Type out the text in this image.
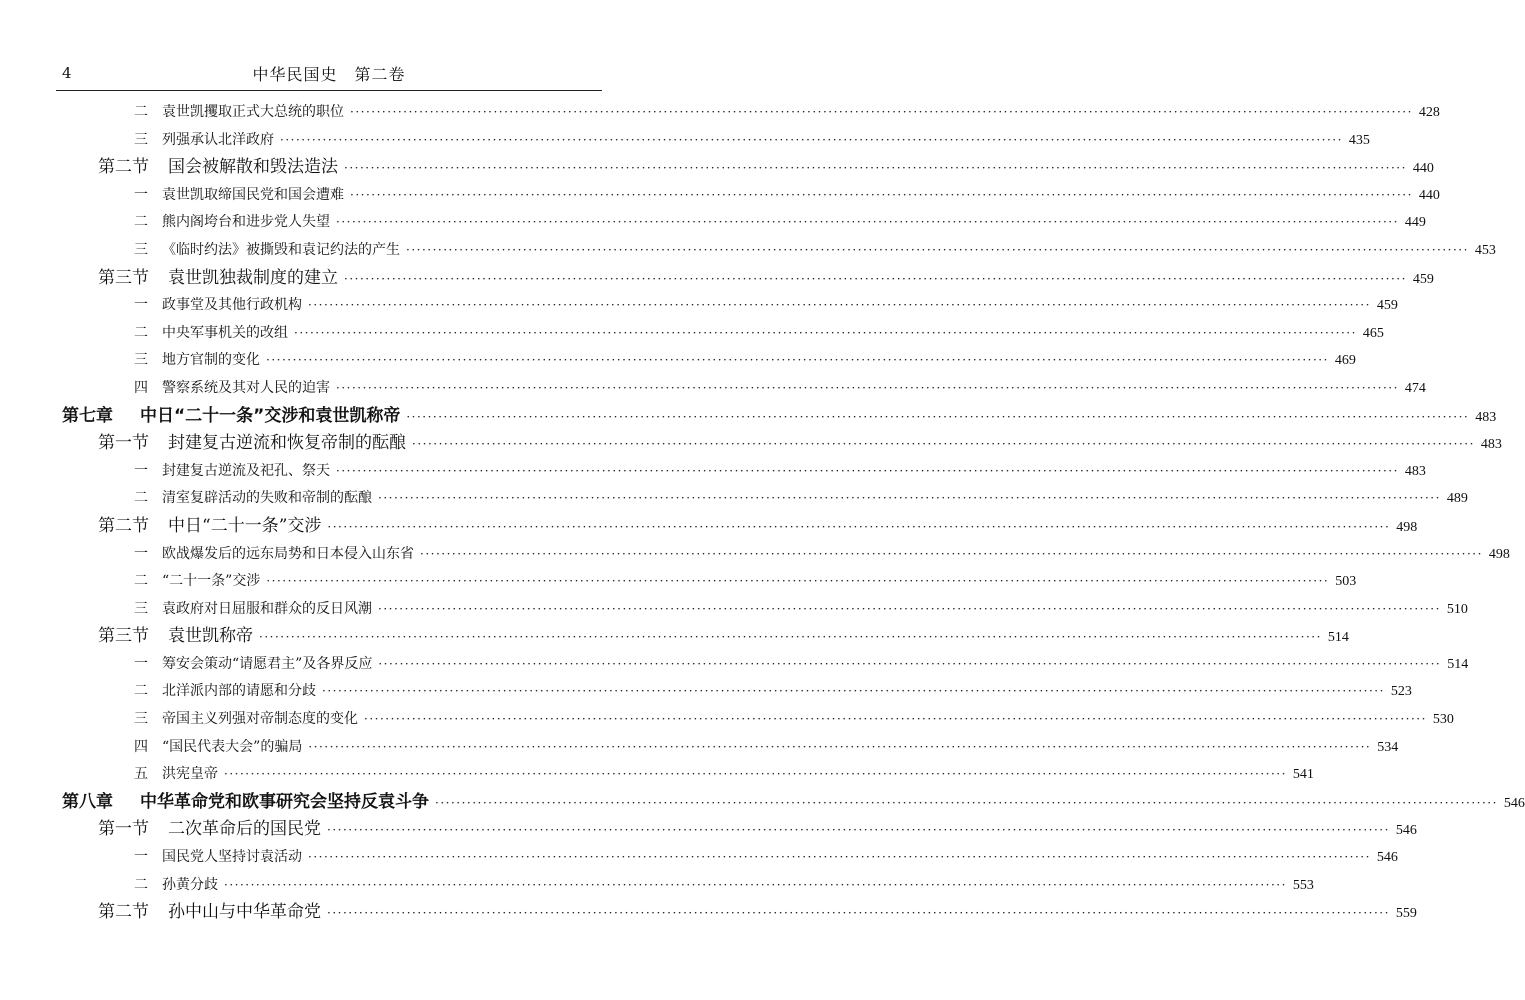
4	中华民国史　第二卷
二	袁世凯攫取正式大总统的职位 ········································································································································································································ 428
三	列强承认北洋政府 ········································································································································································································ 435
第二节	国会被解散和毁法造法 ········································································································································································································ 440
一	袁世凯取缔国民党和国会遭难 ········································································································································································································ 440
二	熊内阁垮台和进步党人失望 ········································································································································································································ 449
三	《临时约法》被撕毁和袁记约法的产生 ········································································································································································································ 453
第三节	袁世凯独裁制度的建立 ········································································································································································································ 459
一	政事堂及其他行政机构 ········································································································································································································ 459
二	中央军事机关的改组 ········································································································································································································ 465
三	地方官制的变化 ········································································································································································································ 469
四	警察系统及其对人民的迫害 ········································································································································································································ 474
第七章	中日“二十一条”交涉和袁世凯称帝 ········································································································································································································ 483
第一节	封建复古逆流和恢复帝制的酝酿 ········································································································································································································ 483
一	封建复古逆流及祀孔、祭天 ········································································································································································································ 483
二	清室复辟活动的失败和帝制的酝酿 ········································································································································································································ 489
第二节	中日“二十一条”交涉 ········································································································································································································ 498
一	欧战爆发后的远东局势和日本侵入山东省 ········································································································································································································ 498
二	“二十一条”交涉 ········································································································································································································ 503
三	袁政府对日屈服和群众的反日风潮 ········································································································································································································ 510
第三节	袁世凯称帝 ········································································································································································································ 514
一	筹安会策动“请愿君主”及各界反应 ········································································································································································································ 514
二	北洋派内部的请愿和分歧 ········································································································································································································ 523
三	帝国主义列强对帝制态度的变化 ········································································································································································································ 530
四	“国民代表大会”的骗局 ········································································································································································································ 534
五	洪宪皇帝 ········································································································································································································ 541
第八章	中华革命党和欧事研究会坚持反袁斗争 ········································································································································································································ 546
第一节	二次革命后的国民党 ········································································································································································································ 546
一	国民党人坚持讨袁活动 ········································································································································································································ 546
二	孙黄分歧 ········································································································································································································ 553
第二节	孙中山与中华革命党 ········································································································································································································ 559
